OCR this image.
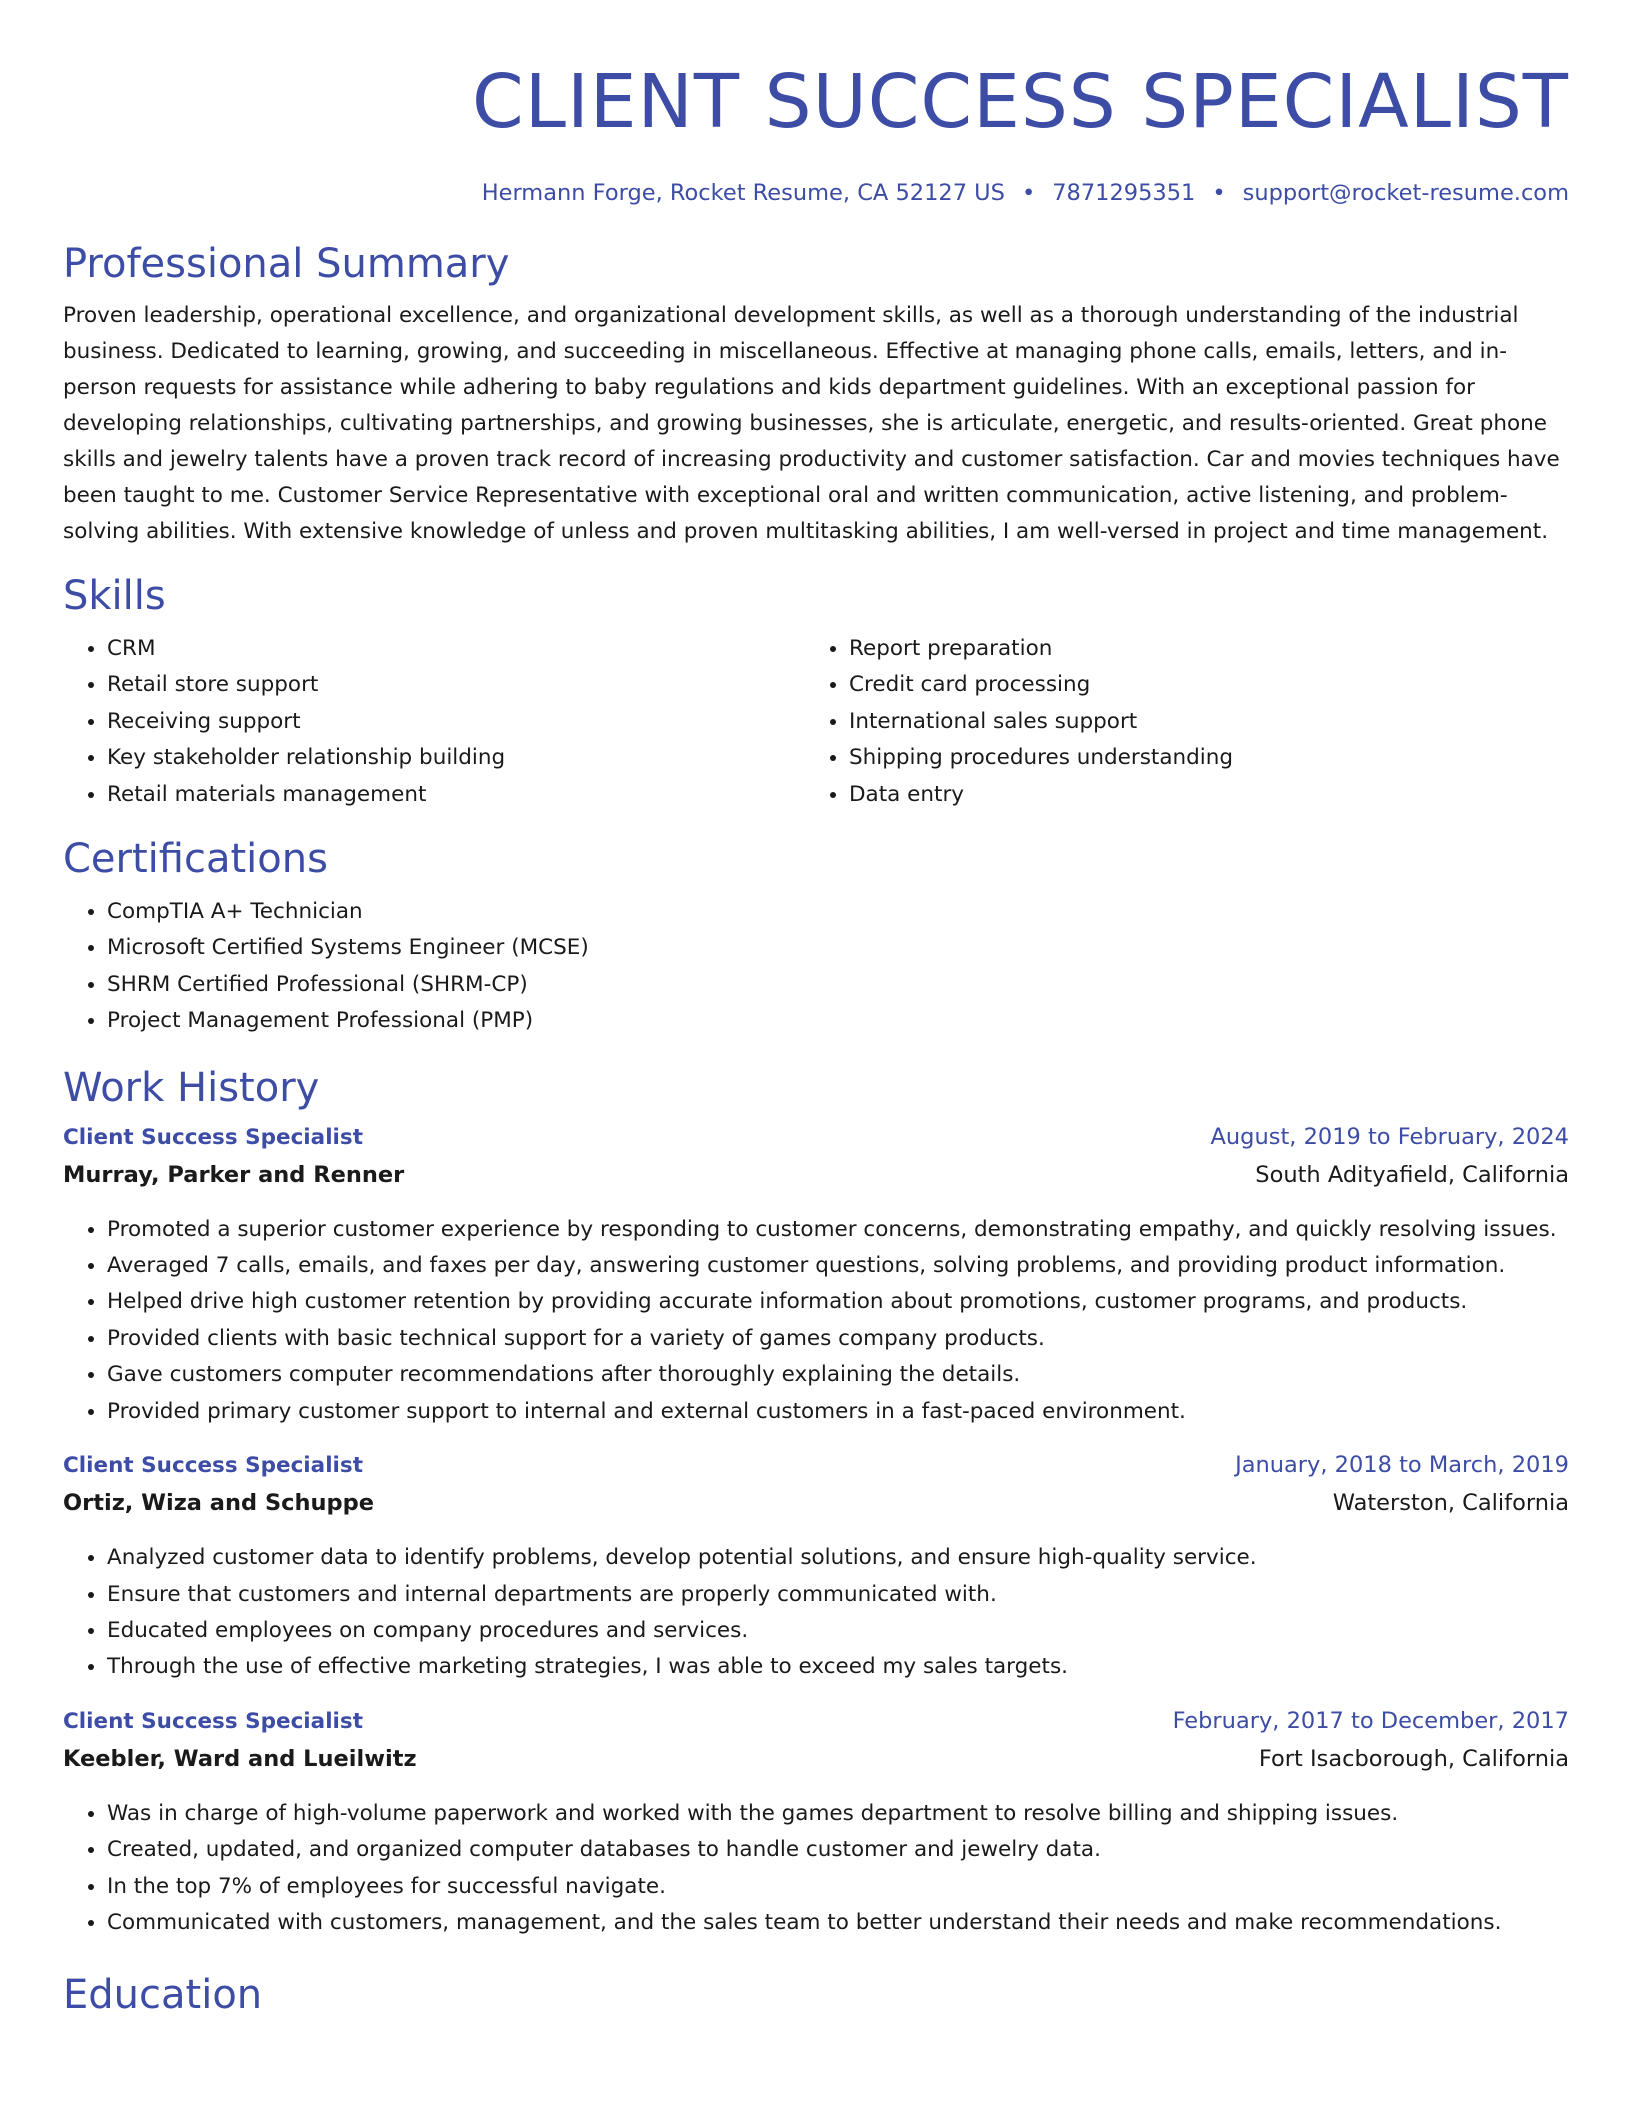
CLIENT SUCCESS SPECIALIST
Hermann Forge, Rocket Resume, CA 52127 US • 7871295351 • support@rocket-resume.com
Professional Summary

Proven leadership, operational excellence, and organizational development skills, as well as a thorough understanding of the industrial business. Dedicated to learning, growing, and succeeding in miscellaneous. Effective at managing phone calls, emails, letters, and in-person requests for assistance while adhering to baby regulations and kids department guidelines. With an exceptional passion for developing relationships, cultivating partnerships, and growing businesses, she is articulate, energetic, and results-oriented. Great phone skills and jewelry talents have a proven track record of increasing productivity and customer satisfaction. Car and movies techniques have been taught to me. Customer Service Representative with exceptional oral and written communication, active listening, and problem-solving abilities. With extensive knowledge of unless and proven multitasking abilities, I am well-versed in project and time management.

Skills
• CRM
• Retail store support
• Receiving support
• Key stakeholder relationship building
• Retail materials management
• Report preparation
• Credit card processing
• International sales support
• Shipping procedures understanding
• Data entry
Certifications
• CompTIA A+ Technician
• Microsoft Certified Systems Engineer (MCSE)
• SHRM Certified Professional (SHRM-CP)
• Project Management Professional (PMP)
Work History
Client Success Specialist	August, 2019 to February, 2024
Murray, Parker and Renner	South Adityafield, California
• Promoted a superior customer experience by responding to customer concerns, demonstrating empathy, and quickly resolving issues.
• Averaged 7 calls, emails, and faxes per day, answering customer questions, solving problems, and providing product information.
• Helped drive high customer retention by providing accurate information about promotions, customer programs, and products.
• Provided clients with basic technical support for a variety of games company products.
• Gave customers computer recommendations after thoroughly explaining the details.
• Provided primary customer support to internal and external customers in a fast-paced environment.
Client Success Specialist	January, 2018 to March, 2019
Ortiz, Wiza and Schuppe	Waterston, California
• Analyzed customer data to identify problems, develop potential solutions, and ensure high-quality service.
• Ensure that customers and internal departments are properly communicated with.
• Educated employees on company procedures and services.
• Through the use of effective marketing strategies, I was able to exceed my sales targets.
Client Success Specialist	February, 2017 to December, 2017
Keebler, Ward and Lueilwitz	Fort Isacborough, California
• Was in charge of high-volume paperwork and worked with the games department to resolve billing and shipping issues.
• Created, updated, and organized computer databases to handle customer and jewelry data.
• In the top 7% of employees for successful navigate.
• Communicated with customers, management, and the sales team to better understand their needs and make recommendations.
Education
